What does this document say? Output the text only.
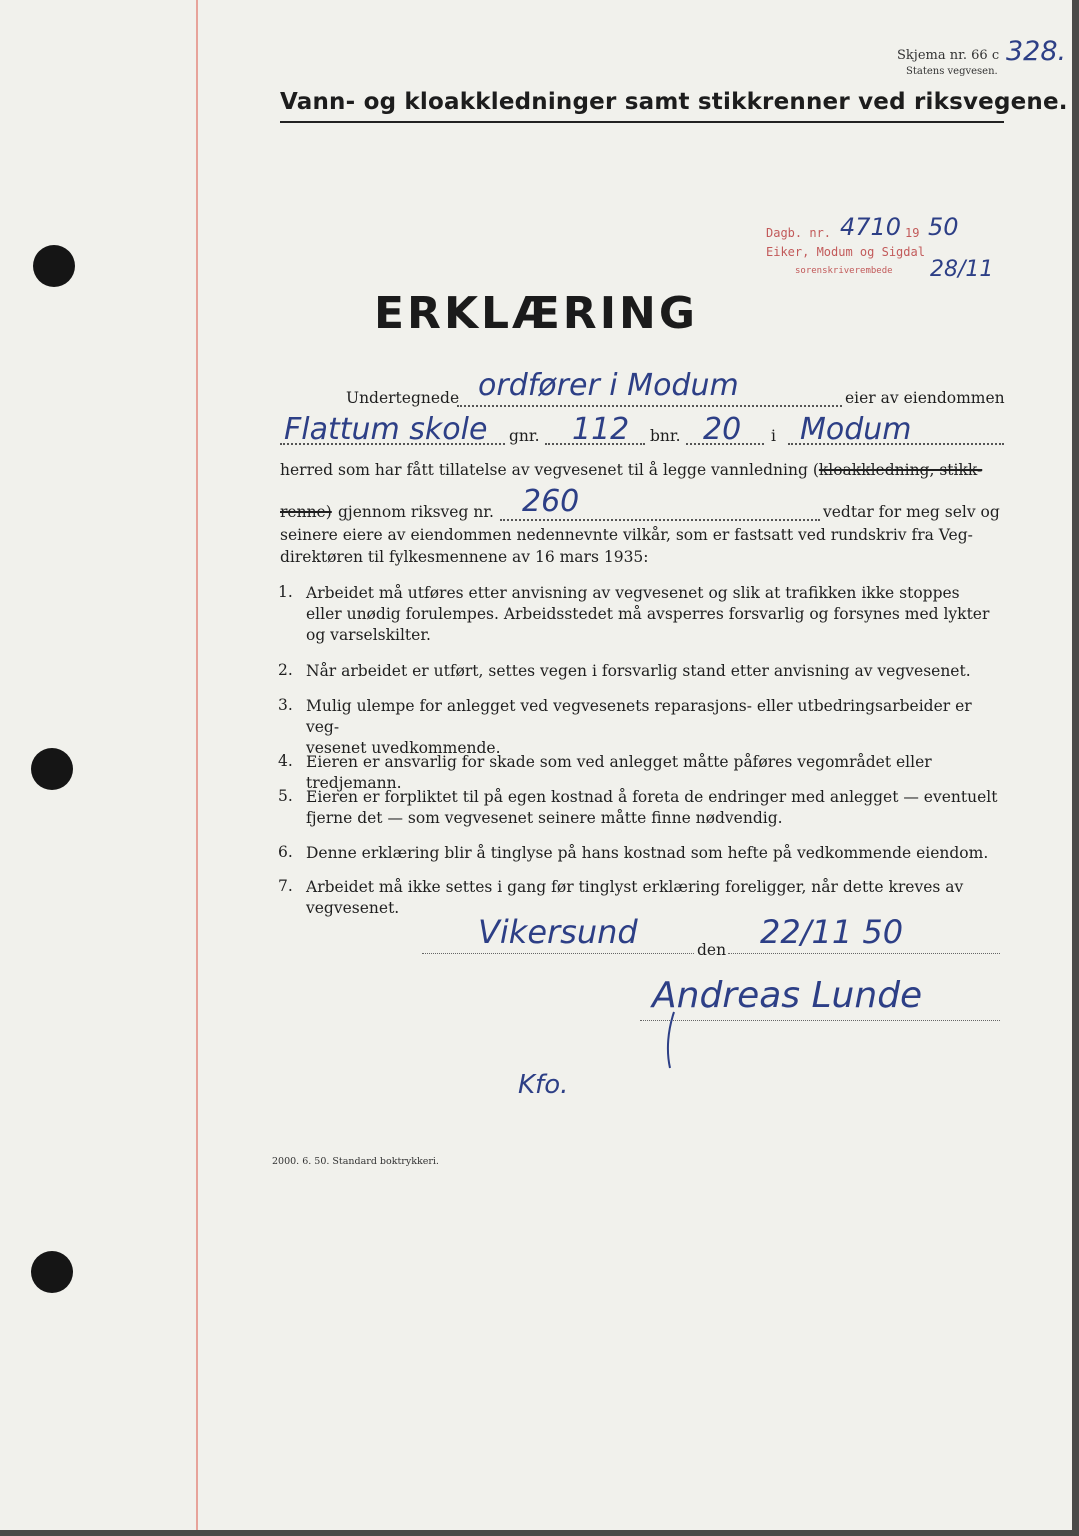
Skjema nr. 66 c 328.
Statens vegvesen.
Vann- og kloakkledninger samt stikkrenner ved riksvegene.
Dagb. nr. 4710 19 50
Eiker, Modum og Sigdal
sorenskriverembede 28/11
ERKLÆRING
Undertegnede ordfører i Modum	eier av eiendommen
Flattum skole gnr. 112 bnr. 20 i Modum
herred som har fått tillatelse av vegvesenet til å legge vannledning (kloakkledning, stikk-
renne) gjennom riksveg nr. 260	vedtar for meg selv og
seinere eiere av eiendommen nedennevnte vilkår, som er fastsatt ved rundskriv fra Veg-
direktøren til fylkesmennene av 16 mars 1935:
1. Arbeidet må utføres etter anvisning av vegvesenet og slik at trafikken ikke stoppes
eller unødig forulempes. Arbeidsstedet må avsperres forsvarlig og forsynes med lykter
og varselskilter.
2. Når arbeidet er utført, settes vegen i forsvarlig stand etter anvisning av vegvesenet.
3. Mulig ulempe for anlegget ved vegvesenets reparasjons- eller utbedringsarbeider er veg-
vesenet uvedkommende.
4. Eieren er ansvarlig for skade som ved anlegget måtte påføres vegområdet eller tredjemann.
5. Eieren er forpliktet til på egen kostnad å foreta de endringer med anlegget — eventuelt
fjerne det — som vegvesenet seinere måtte finne nødvendig.
6. Denne erklæring blir å tinglyse på hans kostnad som hefte på vedkommende eiendom.
7. Arbeidet må ikke settes i gang før tinglyst erklæring foreligger, når dette kreves av
vegvesenet.
Vikersund	den 22/11 50
Andreas Lunde
Kfo.
2000. 6. 50. Standard boktrykkeri.
